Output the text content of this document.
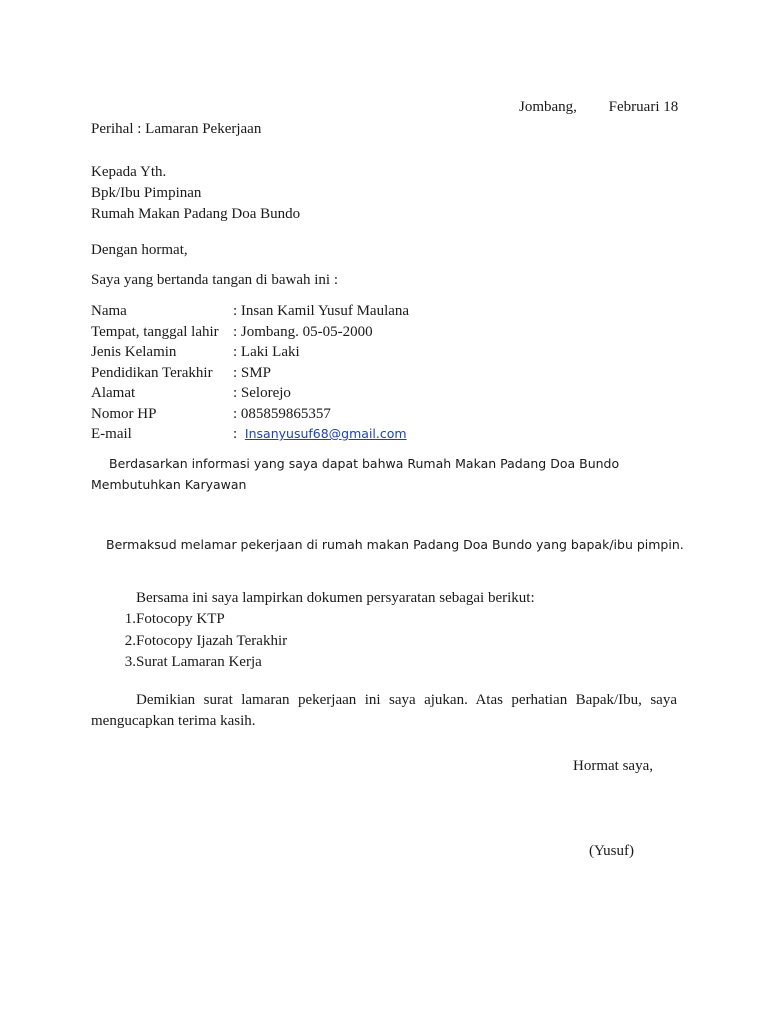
Jombang, Februari 18
Perihal : Lamaran Pekerjaan
Kepada Yth.
Bpk/Ibu Pimpinan
Rumah Makan Padang Doa Bundo
Dengan hormat,
Saya yang bertanda tangan di bawah ini :
Nama	: Insan Kamil Yusuf Maulana
Tempat, tanggal lahir	: Jombang. 05-05-2000
Jenis Kelamin	: Laki Laki
Pendidikan Terakhir	: SMP
Alamat	: Selorejo
Nomor HP	: 085859865357
E-mail	: Insanyusuf68@gmail.com
Berdasarkan informasi yang saya dapat bahwa Rumah Makan Padang Doa Bundo Membutuhkan Karyawan
Bermaksud melamar pekerjaan di rumah makan Padang Doa Bundo yang bapak/ibu pimpin.
Bersama ini saya lampirkan dokumen persyaratan sebagai berikut:
1. Fotocopy KTP
2. Fotocopy Ijazah Terakhir
3. Surat Lamaran Kerja
Demikian surat lamaran pekerjaan ini saya ajukan. Atas perhatian Bapak/Ibu, saya mengucapkan terima kasih.
Hormat saya,
(Yusuf)
